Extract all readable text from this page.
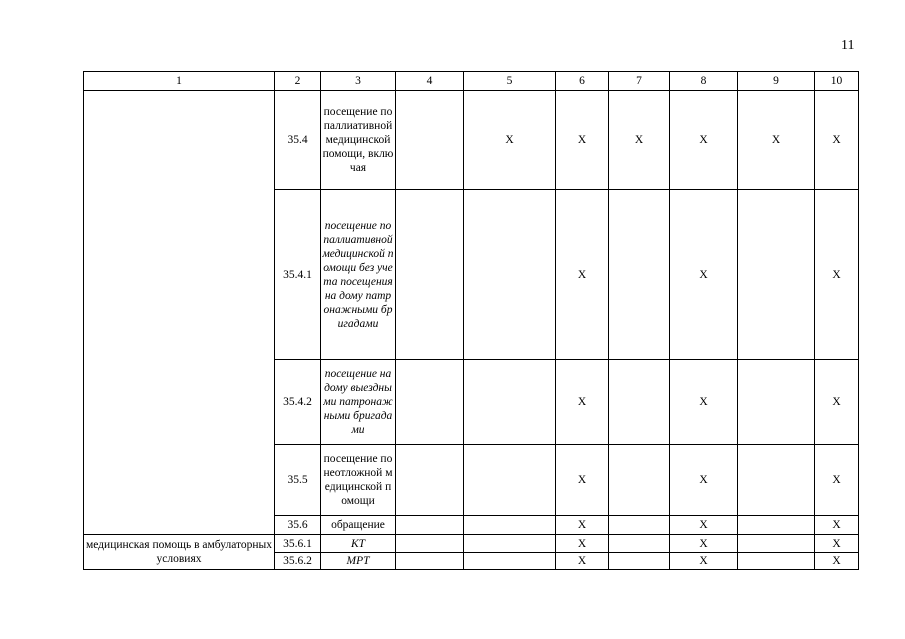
11
1	2	3	4	5	6	7	8	9	10
	35.4	посещение по паллиативной медицинской помощи, включая		Х	Х	Х	Х	Х	Х
	35.4.1	посещение по паллиативной медицинской помощи без учета посещения на дому патронажными бригадами			Х		Х		Х
	35.4.2	посещение на дому выездными патронажными бригадами			Х		Х		Х
	35.5	посещение по неотложной медицинской помощи			Х		Х		Х
	35.6	обращение			Х		Х		Х
медицинская помощь в амбулаторных условиях	35.6.1	КТ			Х		Х		Х
	35.6.2	МРТ			Х		Х		Х
